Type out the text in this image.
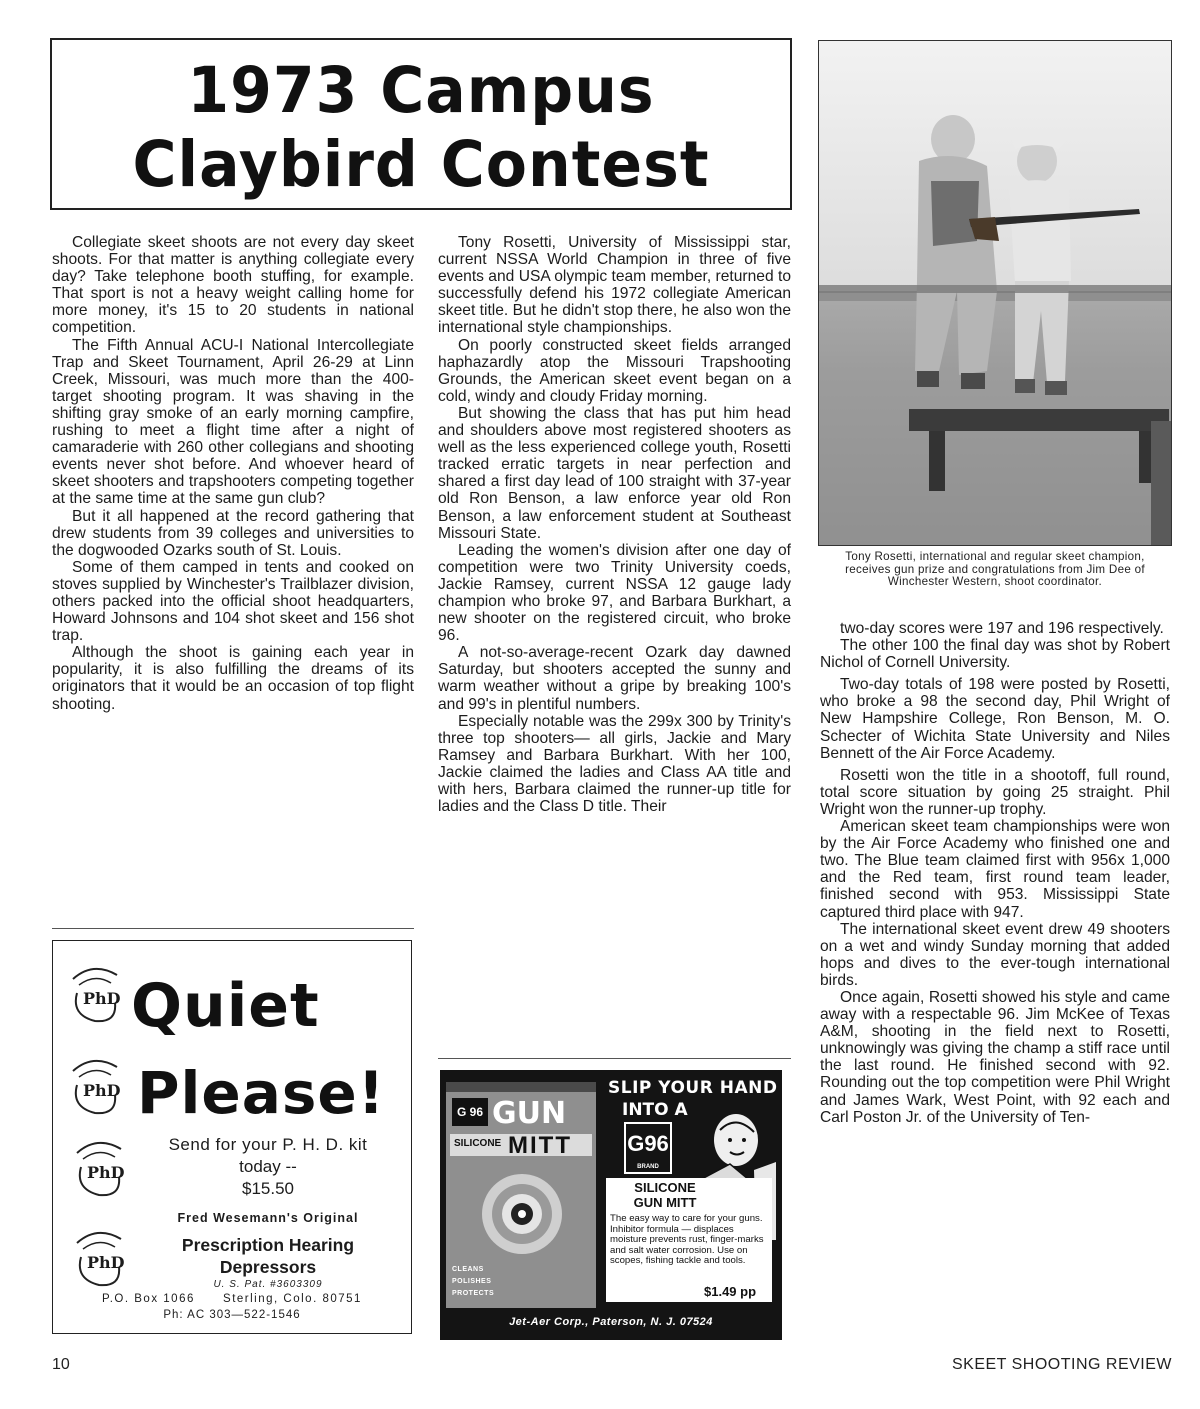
1973 Campus
Claybird Contest

Collegiate skeet shoots are not every day skeet shoots. For that matter is anything collegiate every day? Take telephone booth stuffing, for example. That sport is not a heavy weight calling home for more money, it's 15 to 20 students in national competition.

The Fifth Annual ACU-I National Intercollegiate Trap and Skeet Tournament, April 26-29 at Linn Creek, Missouri, was much more than the 400-target shooting program. It was shaving in the shifting gray smoke of an early morning campfire, rushing to meet a flight time after a night of camaraderie with 260 other collegians and shooting events never shot before. And whoever heard of skeet shooters and trapshooters competing together at the same time at the same gun club?

But it all happened at the record gathering that drew students from 39 colleges and universities to the dogwooded Ozarks south of St. Louis.

Some of them camped in tents and cooked on stoves supplied by Winchester's Trailblazer division, others packed into the official shoot headquarters, Howard Johnsons and 104 shot skeet and 156 shot trap.

Although the shoot is gaining each year in popularity, it is also fulfilling the dreams of its originators that it would be an occasion of top flight shooting.

Tony Rosetti, University of Mississippi star, current NSSA World Champion in three of five events and USA olympic team member, returned to successfully defend his 1972 collegiate American skeet title. But he didn't stop there, he also won the international style championships.

On poorly constructed skeet fields arranged haphazardly atop the Missouri Trapshooting Grounds, the American skeet event began on a cold, windy and cloudy Friday morning.

But showing the class that has put him head and shoulders above most registered shooters as well as the less experienced college youth, Rosetti tracked erratic targets in near perfection and shared a first day lead of 100 straight with 37-year old Ron Benson, a law enforce year old Ron Benson, a law enforcement student at Southeast Missouri State.

Leading the women's division after one day of competition were two Trinity University coeds, Jackie Ramsey, current NSSA 12 gauge lady champion who broke 97, and Barbara Burkhart, a new shooter on the registered circuit, who broke 96.

A not-so-average-recent Ozark day dawned Saturday, but shooters accepted the sunny and warm weather without a gripe by breaking 100's and 99's in plentiful numbers.

Especially notable was the 299x 300 by Trinity's three top shooters— all girls, Jackie and Mary Ramsey and Barbara Burkhart. With her 100, Jackie claimed the ladies and Class AA title and with hers, Barbara claimed the runner-up title for ladies and the Class D title. Their

Tony Rosetti, international and regular skeet champion, receives gun prize and congratulations from Jim Dee of Winchester Western, shoot coordinator.

two-day scores were 197 and 196 respectively.

The other 100 the final day was shot by Robert Nichol of Cornell University.

Two-day totals of 198 were posted by Rosetti, who broke a 98 the second day, Phil Wright of New Hampshire College, Ron Benson, M. O. Schecter of Wichita State University and Niles Bennett of the Air Force Academy.

Rosetti won the title in a shootoff, full round, total score situation by going 25 straight. Phil Wright won the runner-up trophy.

American skeet team championships were won by the Air Force Academy who finished one and two. The Blue team claimed first with 956x 1,000 and the Red team, first round team leader, finished second with 953. Mississippi State captured third place with 947.

The international skeet event drew 49 shooters on a wet and windy Sunday morning that added hops and dives to the ever-tough international birds.

Once again, Rosetti showed his style and came away with a respectable 96. Jim McKee of Texas A&M, shooting in the field next to Rosetti, unknowingly was giving the champ a stiff race until the last round. He finished second with 92. Rounding out the top competition were Phil Wright and James Wark, West Point, with 92 each and Carl Poston Jr. of the University of Ten-

PhD Quiet
PhD Please!
PhD
Send for your P. H. D. kit
today --
$15.50
Fred Wesemann's Original
PhD
Prescription Hearing
Depressors
U. S. Pat. #3603309
P.O. Box 1066      Sterling, Colo. 80751
Ph: AC 303—522-1546
G 96 GUN
SILICONE MITT
CLEANS
POLISHES
PROTECTS
SLIP YOUR HAND
INTO A
G96
BRAND
SILICONE
GUN MITT
The easy way to care for your guns. Inhibitor formula — displaces moisture prevents rust, finger-marks and salt water corrosion. Use on scopes, fishing tackle and tools.
$1.49 pp
Jet-Aer Corp., Paterson, N. J. 07524
10	SKEET SHOOTING REVIEW
